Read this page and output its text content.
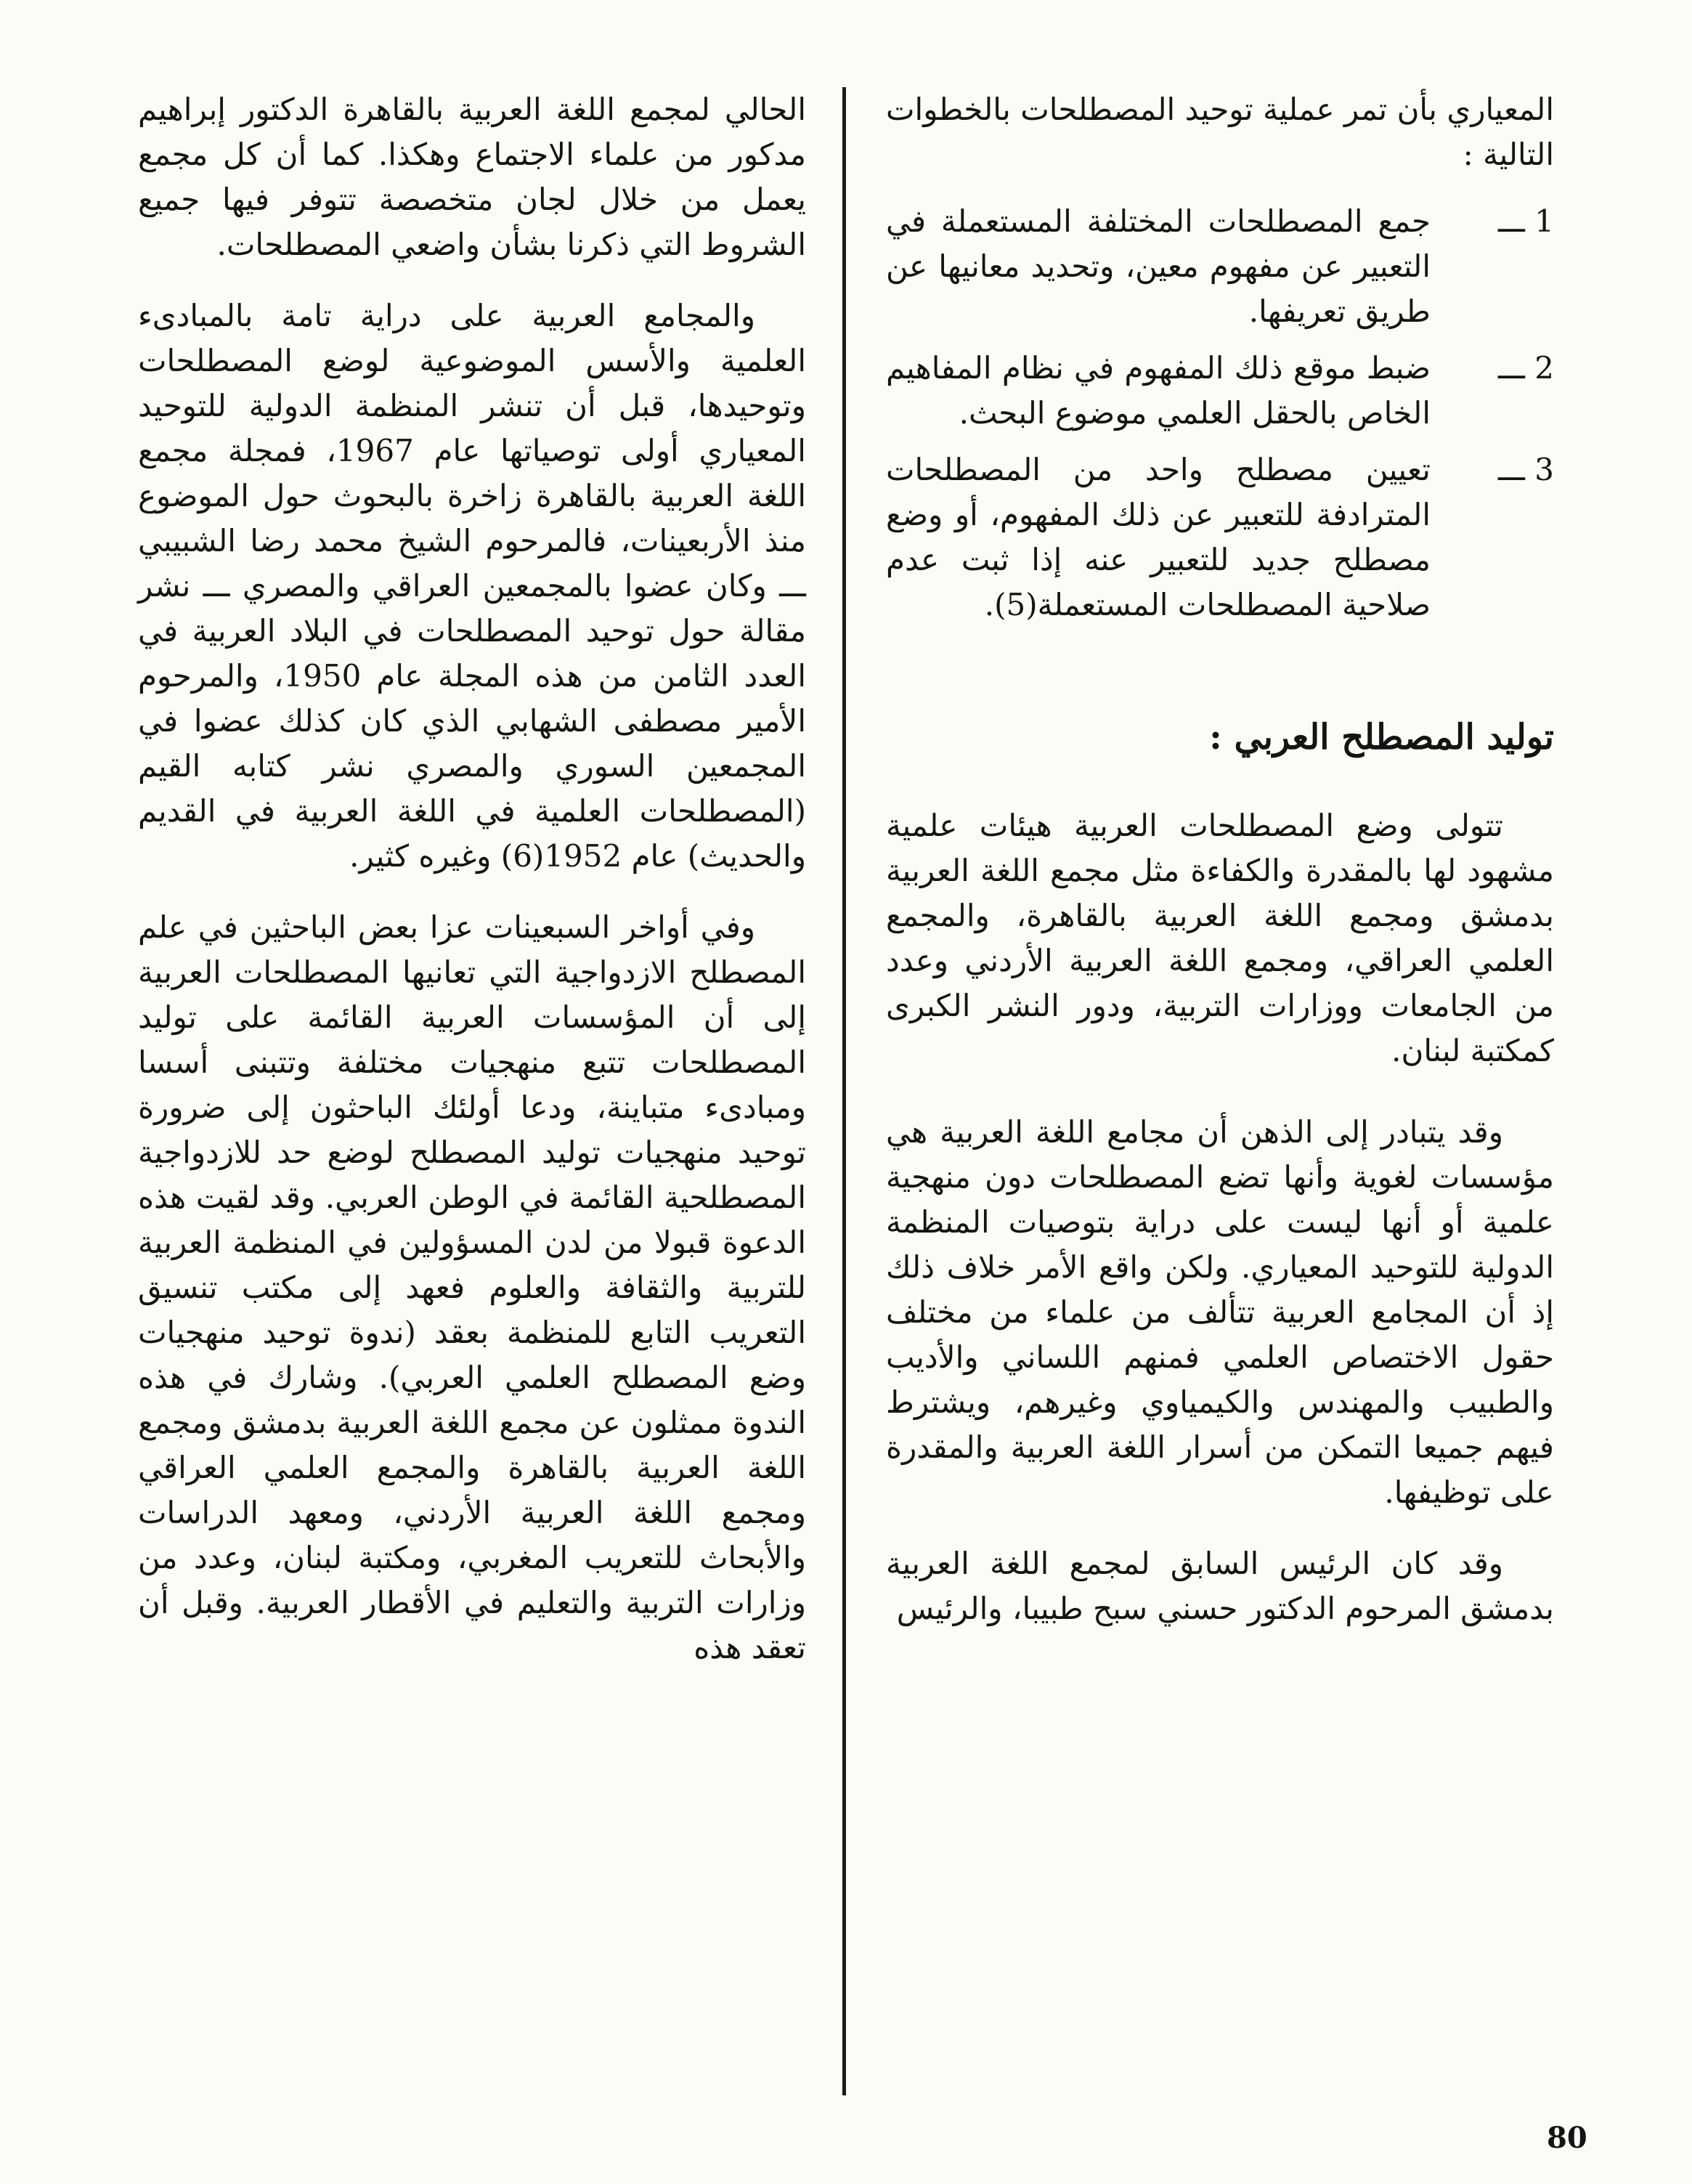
المعياري بأن تمر عملية توحيد المصطلحات بالخطوات التالية :

1 ـــ
جمع المصطلحات المختلفة المستعملة في التعبير عن مفهوم معين، وتحديد معانيها عن طريق تعريفها.
2 ـــ
ضبط موقع ذلك المفهوم في نظام المفاهيم الخاص بالحقل العلمي موضوع البحث.
3 ـــ
تعيين مصطلح واحد من المصطلحات المترادفة للتعبير عن ذلك المفهوم، أو وضع مصطلح جديد للتعبير عنه إذا ثبت عدم صلاحية المصطلحات المستعملة(5).
توليد المصطلح العربي :

تتولى وضع المصطلحات العربية هيئات علمية مشهود لها بالمقدرة والكفاءة مثل مجمع اللغة العربية بدمشق ومجمع اللغة العربية بالقاهرة، والمجمع العلمي العراقي، ومجمع اللغة العربية الأردني وعدد من الجامعات ووزارات التربية، ودور النشر الكبرى كمكتبة لبنان.

وقد يتبادر إلى الذهن أن مجامع اللغة العربية هي مؤسسات لغوية وأنها تضع المصطلحات دون منهجية علمية أو أنها ليست على دراية بتوصيات المنظمة الدولية للتوحيد المعياري. ولكن واقع الأمر خلاف ذلك إذ أن المجامع العربية تتألف من علماء من مختلف حقول الاختصاص العلمي فمنهم اللساني والأديب والطبيب والمهندس والكيمياوي وغيرهم، ويشترط فيهم جميعا التمكن من أسرار اللغة العربية والمقدرة على توظيفها.

وقد كان الرئيس السابق لمجمع اللغة العربية بدمشق المرحوم الدكتور حسني سبح طبيبا، والرئيس

الحالي لمجمع اللغة العربية بالقاهرة الدكتور إبراهيم مدكور من علماء الاجتماع وهكذا. كما أن كل مجمع يعمل من خلال لجان متخصصة تتوفر فيها جميع الشروط التي ذكرنا بشأن واضعي المصطلحات.

والمجامع العربية على دراية تامة بالمبادىء العلمية والأسس الموضوعية لوضع المصطلحات وتوحيدها، قبل أن تنشر المنظمة الدولية للتوحيد المعياري أولى توصياتها عام 1967، فمجلة مجمع اللغة العربية بالقاهرة زاخرة بالبحوث حول الموضوع منذ الأربعينات، فالمرحوم الشيخ محمد رضا الشبيبي ـــ وكان عضوا بالمجمعين العراقي والمصري ـــ نشر مقالة حول توحيد المصطلحات في البلاد العربية في العدد الثامن من هذه المجلة عام 1950، والمرحوم الأمير مصطفى الشهابي الذي كان كذلك عضوا في المجمعين السوري والمصري نشر كتابه القيم (المصطلحات العلمية في اللغة العربية في القديم والحديث) عام 1952(6) وغيره كثير.

وفي أواخر السبعينات عزا بعض الباحثين في علم المصطلح الازدواجية التي تعانيها المصطلحات العربية إلى أن المؤسسات العربية القائمة على توليد المصطلحات تتبع منهجيات مختلفة وتتبنى أسسا ومبادىء متباينة، ودعا أولئك الباحثون إلى ضرورة توحيد منهجيات توليد المصطلح لوضع حد للازدواجية المصطلحية القائمة في الوطن العربي. وقد لقيت هذه الدعوة قبولا من لدن المسؤولين في المنظمة العربية للتربية والثقافة والعلوم فعهد إلى مكتب تنسيق التعريب التابع للمنظمة بعقد (ندوة توحيد منهجيات وضع المصطلح العلمي العربي). وشارك في هذه الندوة ممثلون عن مجمع اللغة العربية بدمشق ومجمع اللغة العربية بالقاهرة والمجمع العلمي العراقي ومجمع اللغة العربية الأردني، ومعهد الدراسات والأبحاث للتعريب المغربي، ومكتبة لبنان، وعدد من وزارات التربية والتعليم في الأقطار العربية. وقبل أن تعقد هذه

80
